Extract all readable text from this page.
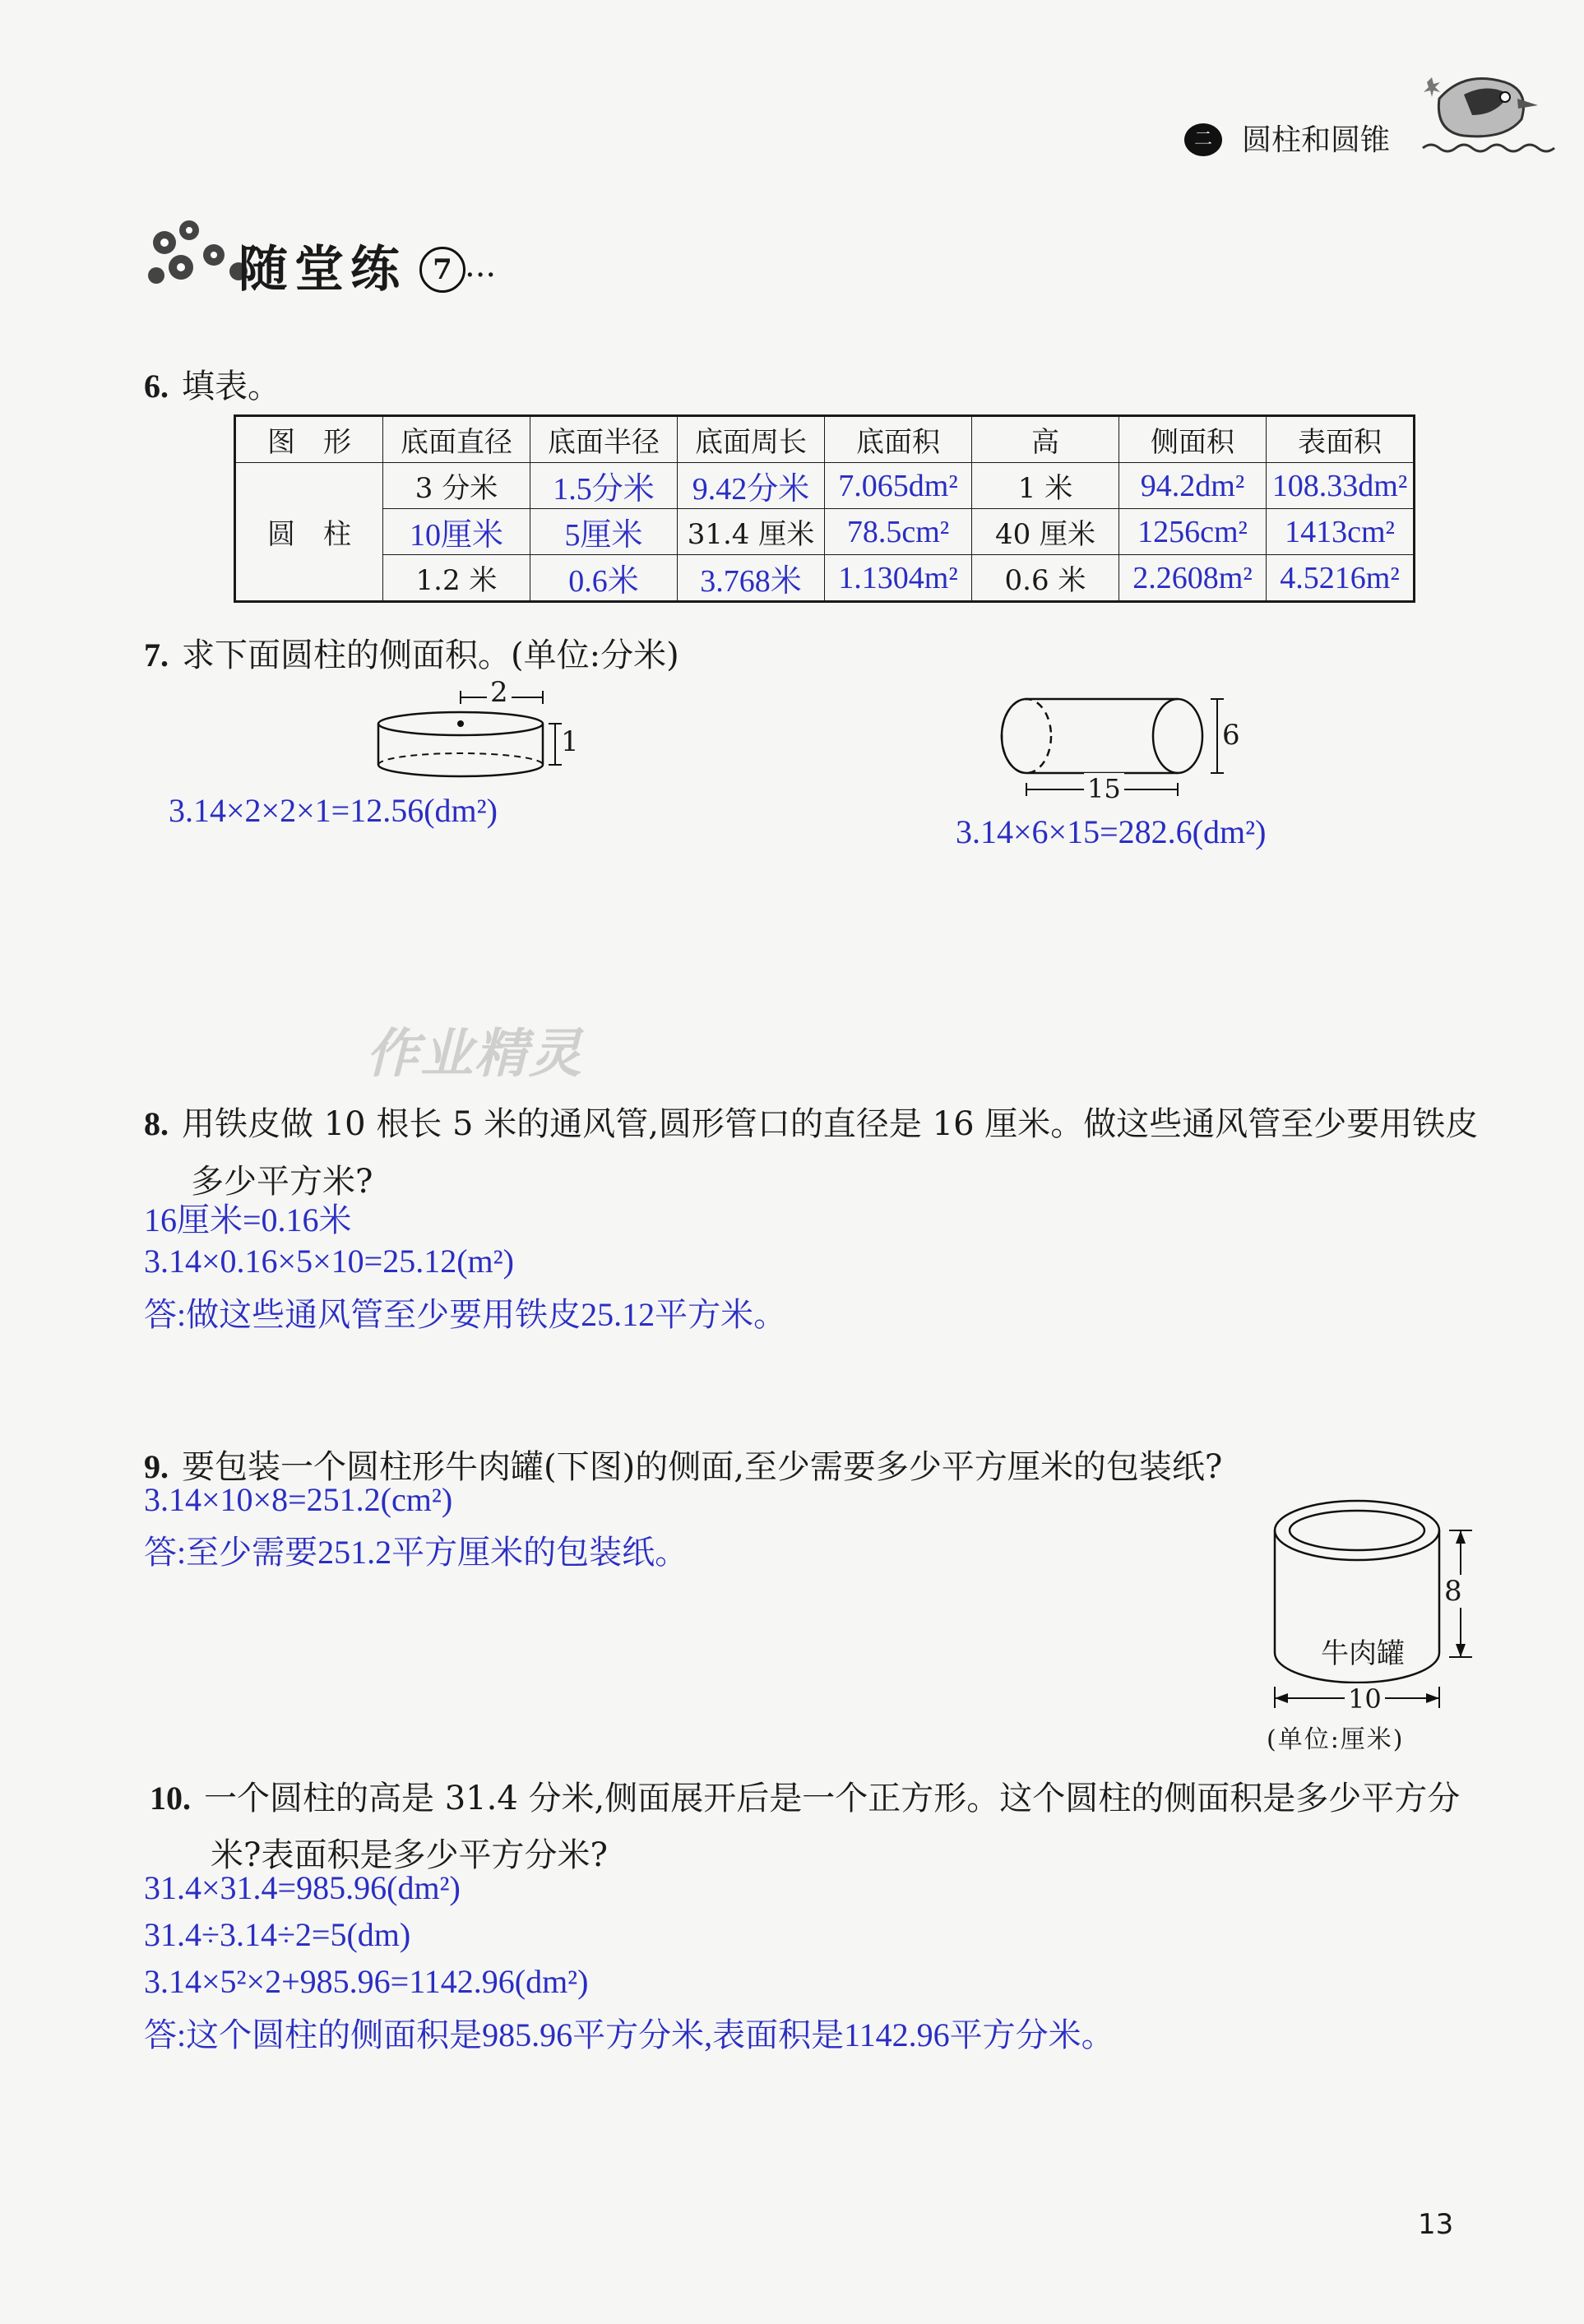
二	圆柱和圆锥
随堂练 7 ...
作业精灵
6. 填表。
图　形	底面直径	底面半径	底面周长	底面积	高	侧面积	表面积
圆　柱	3 分米	1.5分米	9.42分米	7.065dm²	1 米	94.2dm²	108.33dm²
	10厘米	5厘米	31.4 厘米	78.5cm²	40 厘米	1256cm²	1413cm²
	1.2 米	0.6米	3.768米	1.1304m²	0.6 米	2.2608m²	4.5216m²
7. 求下面圆柱的侧面积。(单位:分米)
2
1	6
15
3.14×2×2×1=12.56(dm²)
3.14×6×15=282.6(dm²)
8. 用铁皮做 10 根长 5 米的通风管,圆形管口的直径是 16 厘米。做这些通风管至少要用铁皮
多少平方米?
16厘米=0.16米
3.14×0.16×5×10=25.12(m²)
答:做这些通风管至少要用铁皮25.12平方米。
9. 要包装一个圆柱形牛肉罐(下图)的侧面,至少需要多少平方厘米的包装纸?
3.14×10×8=251.2(cm²)
答:至少需要251.2平方厘米的包装纸。
牛肉罐
8
10
(单位:厘米)
10. 一个圆柱的高是 31.4 分米,侧面展开后是一个正方形。这个圆柱的侧面积是多少平方分
米?表面积是多少平方分米?
31.4×31.4=985.96(dm²)
31.4÷3.14÷2=5(dm)
3.14×5²×2+985.96=1142.96(dm²)
答:这个圆柱的侧面积是985.96平方分米,表面积是1142.96平方分米。
13
